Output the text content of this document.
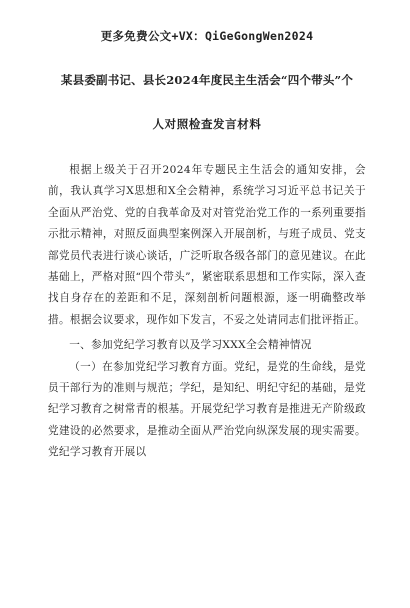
更多免费公文+VX：QiGeGongWen2024
某县委副书记、县长2024年度民主生活会“四个带头”个
人对照检查发言材料

根据上级关于召开2024年专题民主生活会的通知安排，会前，我认真学习X思想和X全会精神，系统学习习近平总书记关于全面从严治党、党的自我革命及对对管党治党工作的一系列重要指示批示精神，对照反面典型案例深入开展剖析，与班子成员、党支部党员代表进行谈心谈话，广泛听取各级各部门的意见建议。在此基础上，严格对照“四个带头”，紧密联系思想和工作实际，深入查找自身存在的差距和不足，深刻剖析问题根源，逐一明确整改举措。根据会议要求，现作如下发言，不妥之处请同志们批评指正。

一、参加党纪学习教育以及学习XXX全会精神情况

（一）在参加党纪学习教育方面。党纪，是党的生命线，是党员干部行为的准则与规范；学纪，是知纪、明纪守纪的基础，是党纪学习教育之树常青的根基。开展党纪学习教育是推进无产阶级政党建设的必然要求，是推动全面从严治党向纵深发展的现实需要。党纪学习教育开展以
